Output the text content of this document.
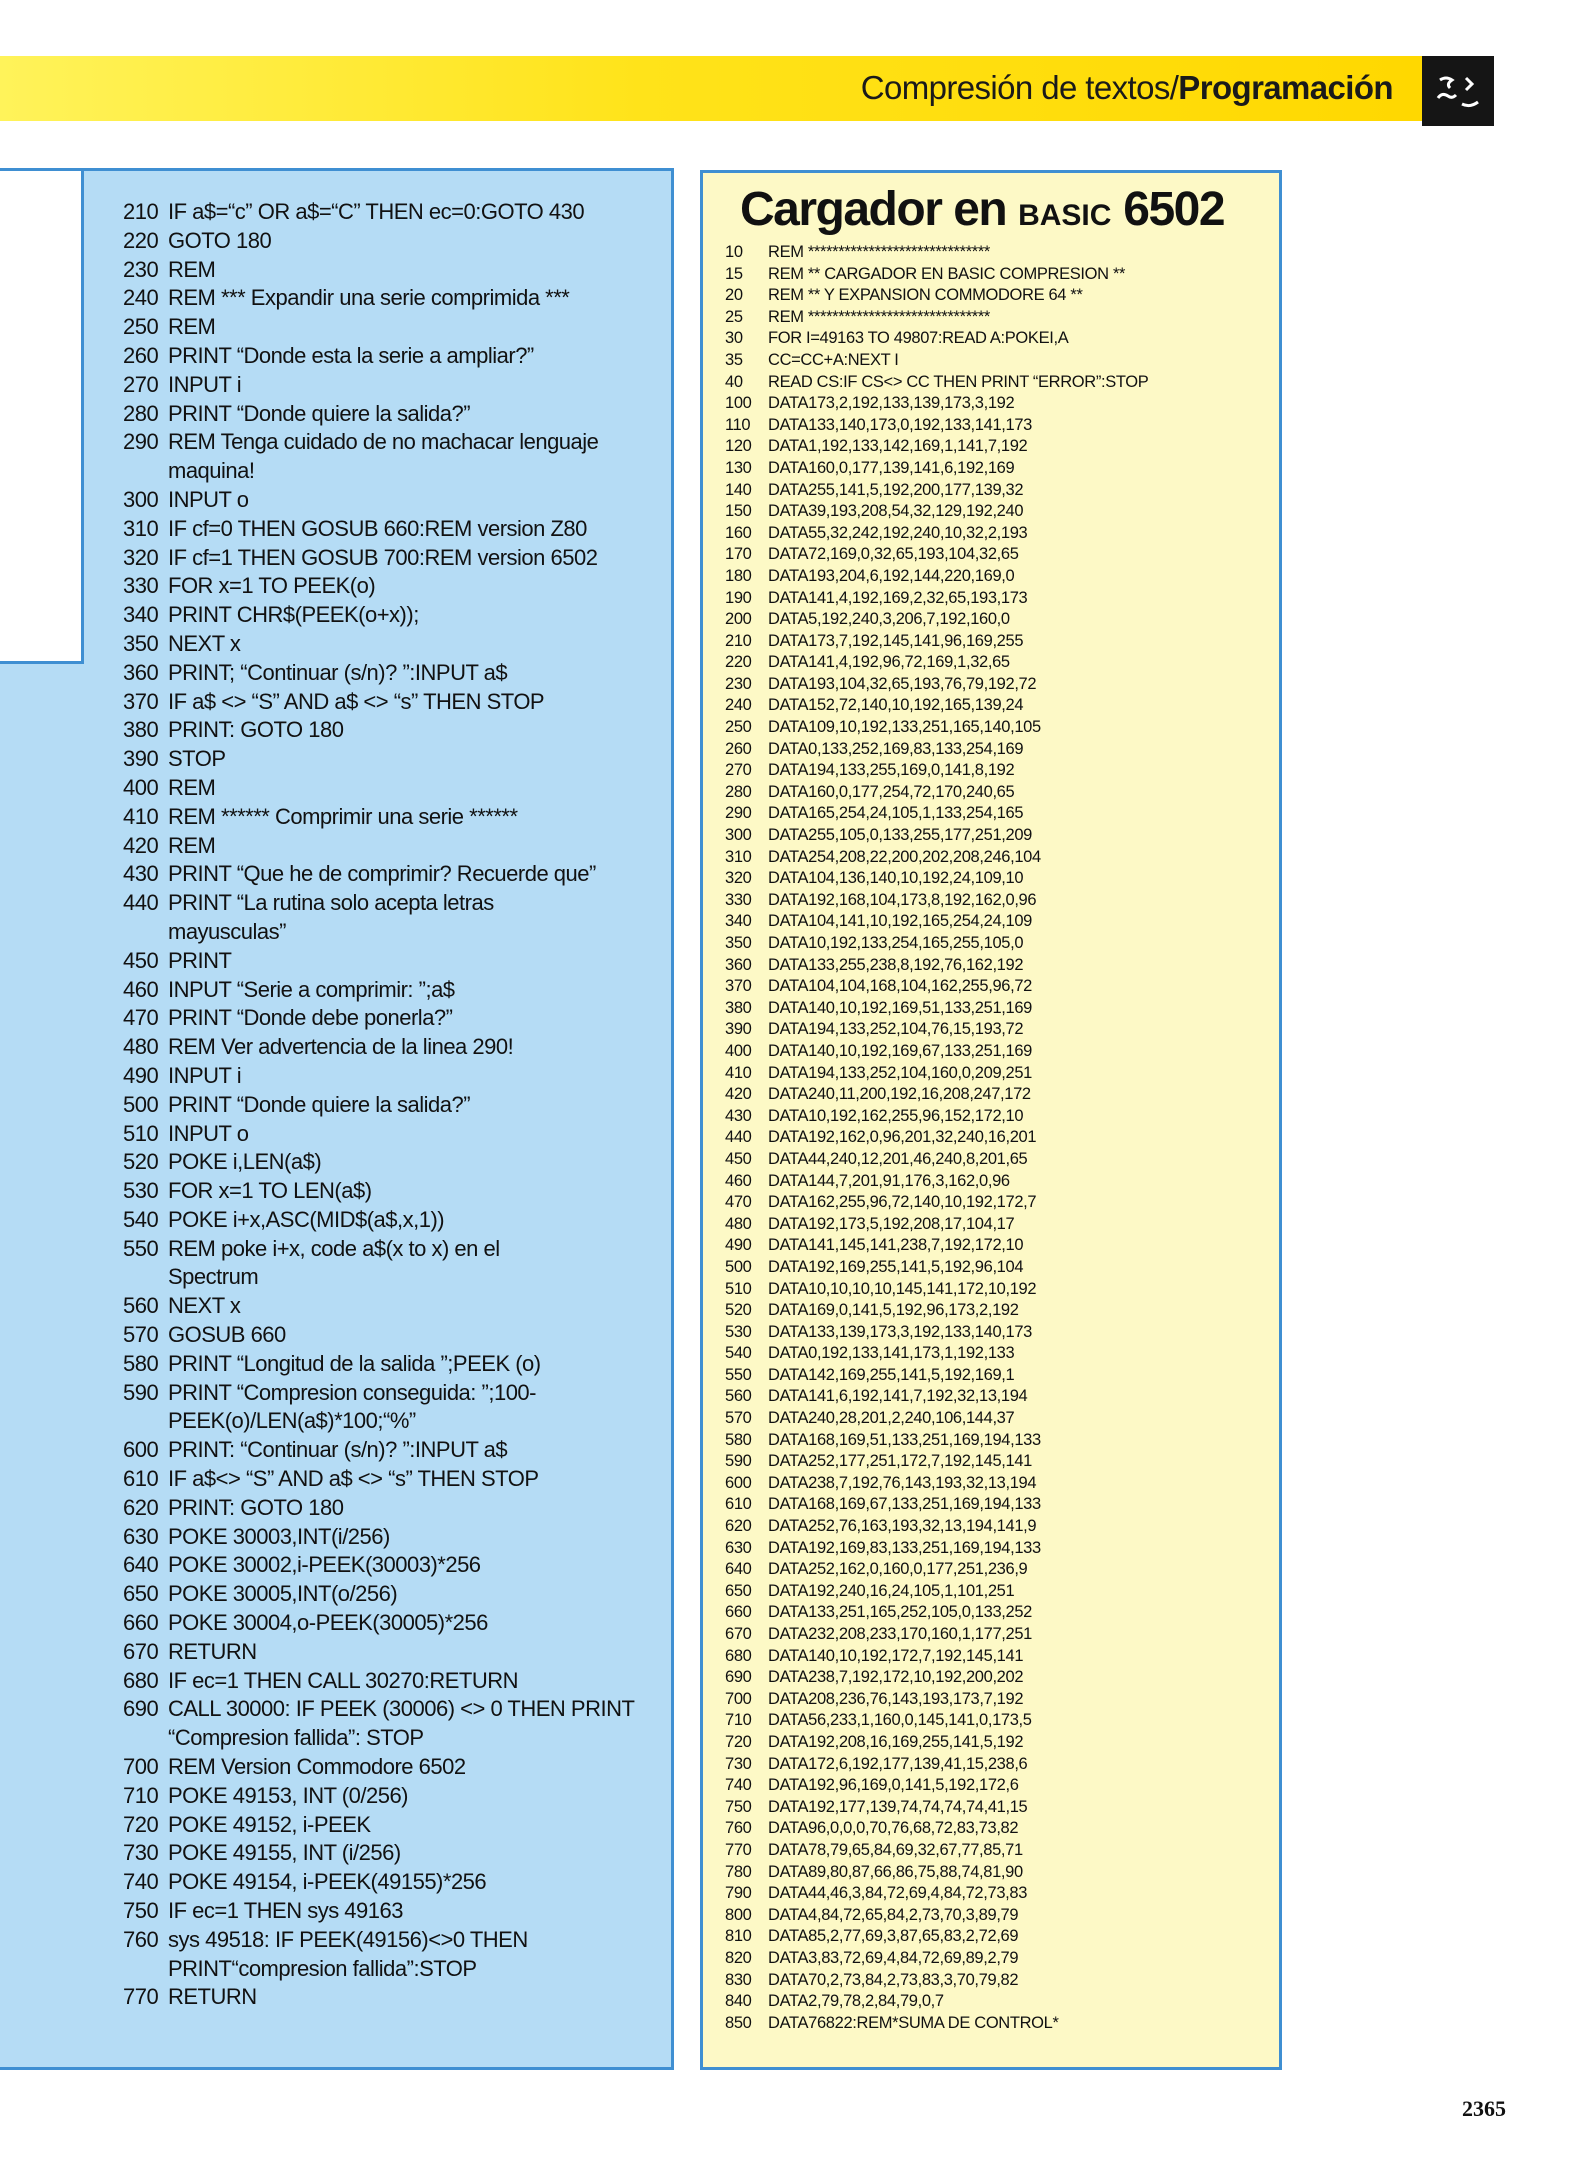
Compresión de textos/Programación
210 IF a$=“c” OR a$=“C” THEN ec=0:GOTO 430
220 GOTO 180
230 REM
240 REM *** Expandir una serie comprimida ***
250 REM
260 PRINT “Donde esta la serie a ampliar?”
270 INPUT i
280 PRINT “Donde quiere la salida?”
290 REM Tenga cuidado de no machacar lenguaje
maquina!
300 INPUT o
310 IF cf=0 THEN GOSUB 660:REM version Z80
320 IF cf=1 THEN GOSUB 700:REM version 6502
330 FOR x=1 TO PEEK(o)
340 PRINT CHR$(PEEK(o+x));
350 NEXT x
360 PRINT; “Continuar (s/n)? ”:INPUT a$
370 IF a$ <> “S” AND a$ <> “s” THEN STOP
380 PRINT: GOTO 180
390 STOP
400 REM
410 REM ****** Comprimir una serie ******
420 REM
430 PRINT “Que he de comprimir? Recuerde que”
440 PRINT “La rutina solo acepta letras
mayusculas”
450 PRINT
460 INPUT “Serie a comprimir: ”;a$
470 PRINT “Donde debe ponerla?”
480 REM Ver advertencia de la linea 290!
490 INPUT i
500 PRINT “Donde quiere la salida?”
510 INPUT o
520 POKE i,LEN(a$)
530 FOR x=1 TO LEN(a$)
540 POKE i+x,ASC(MID$(a$,x,1))
550 REM poke i+x, code a$(x to x) en el
Spectrum
560 NEXT x
570 GOSUB 660
580 PRINT “Longitud de la salida ”;PEEK (o)
590 PRINT “Compresion conseguida: ”;100-
PEEK(o)/LEN(a$)*100;“%”
600 PRINT: “Continuar (s/n)? ”:INPUT a$
610 IF a$<> “S” AND a$ <> “s” THEN STOP
620 PRINT: GOTO 180
630 POKE 30003,INT(i/256)
640 POKE 30002,i-PEEK(30003)*256
650 POKE 30005,INT(o/256)
660 POKE 30004,o-PEEK(30005)*256
670 RETURN
680 IF ec=1 THEN CALL 30270:RETURN
690 CALL 30000: IF PEEK (30006) <> 0 THEN PRINT
“Compresion fallida”: STOP
700 REM Version Commodore 6502
710 POKE 49153, INT (0/256)
720 POKE 49152, i-PEEK
730 POKE 49155, INT (i/256)
740 POKE 49154, i-PEEK(49155)*256
750 IF ec=1 THEN sys 49163
760 sys 49518: IF PEEK(49156)<>0 THEN
PRINT“compresion fallida”:STOP
770 RETURN
Cargador en BASIC 6502
10	REM ******************************
15	REM ** CARGADOR EN BASIC COMPRESION **
20	REM ** Y EXPANSION COMMODORE 64 **
25	REM ******************************
30	FOR I=49163 TO 49807:READ A:POKEI,A
35	CC=CC+A:NEXT I
40	READ CS:IF CS<> CC THEN PRINT “ERROR”:STOP
100	DATA173,2,192,133,139,173,3,192
110	DATA133,140,173,0,192,133,141,173
120	DATA1,192,133,142,169,1,141,7,192
130	DATA160,0,177,139,141,6,192,169
140	DATA255,141,5,192,200,177,139,32
150	DATA39,193,208,54,32,129,192,240
160	DATA55,32,242,192,240,10,32,2,193
170	DATA72,169,0,32,65,193,104,32,65
180	DATA193,204,6,192,144,220,169,0
190	DATA141,4,192,169,2,32,65,193,173
200	DATA5,192,240,3,206,7,192,160,0
210	DATA173,7,192,145,141,96,169,255
220	DATA141,4,192,96,72,169,1,32,65
230	DATA193,104,32,65,193,76,79,192,72
240	DATA152,72,140,10,192,165,139,24
250	DATA109,10,192,133,251,165,140,105
260	DATA0,133,252,169,83,133,254,169
270	DATA194,133,255,169,0,141,8,192
280	DATA160,0,177,254,72,170,240,65
290	DATA165,254,24,105,1,133,254,165
300	DATA255,105,0,133,255,177,251,209
310	DATA254,208,22,200,202,208,246,104
320	DATA104,136,140,10,192,24,109,10
330	DATA192,168,104,173,8,192,162,0,96
340	DATA104,141,10,192,165,254,24,109
350	DATA10,192,133,254,165,255,105,0
360	DATA133,255,238,8,192,76,162,192
370	DATA104,104,168,104,162,255,96,72
380	DATA140,10,192,169,51,133,251,169
390	DATA194,133,252,104,76,15,193,72
400	DATA140,10,192,169,67,133,251,169
410	DATA194,133,252,104,160,0,209,251
420	DATA240,11,200,192,16,208,247,172
430	DATA10,192,162,255,96,152,172,10
440	DATA192,162,0,96,201,32,240,16,201
450	DATA44,240,12,201,46,240,8,201,65
460	DATA144,7,201,91,176,3,162,0,96
470	DATA162,255,96,72,140,10,192,172,7
480	DATA192,173,5,192,208,17,104,17
490	DATA141,145,141,238,7,192,172,10
500	DATA192,169,255,141,5,192,96,104
510	DATA10,10,10,10,145,141,172,10,192
520	DATA169,0,141,5,192,96,173,2,192
530	DATA133,139,173,3,192,133,140,173
540	DATA0,192,133,141,173,1,192,133
550	DATA142,169,255,141,5,192,169,1
560	DATA141,6,192,141,7,192,32,13,194
570	DATA240,28,201,2,240,106,144,37
580	DATA168,169,51,133,251,169,194,133
590	DATA252,177,251,172,7,192,145,141
600	DATA238,7,192,76,143,193,32,13,194
610	DATA168,169,67,133,251,169,194,133
620	DATA252,76,163,193,32,13,194,141,9
630	DATA192,169,83,133,251,169,194,133
640	DATA252,162,0,160,0,177,251,236,9
650	DATA192,240,16,24,105,1,101,251
660	DATA133,251,165,252,105,0,133,252
670	DATA232,208,233,170,160,1,177,251
680	DATA140,10,192,172,7,192,145,141
690	DATA238,7,192,172,10,192,200,202
700	DATA208,236,76,143,193,173,7,192
710	DATA56,233,1,160,0,145,141,0,173,5
720	DATA192,208,16,169,255,141,5,192
730	DATA172,6,192,177,139,41,15,238,6
740	DATA192,96,169,0,141,5,192,172,6
750	DATA192,177,139,74,74,74,74,41,15
760	DATA96,0,0,0,70,76,68,72,83,73,82
770	DATA78,79,65,84,69,32,67,77,85,71
780	DATA89,80,87,66,86,75,88,74,81,90
790	DATA44,46,3,84,72,69,4,84,72,73,83
800	DATA4,84,72,65,84,2,73,70,3,89,79
810	DATA85,2,77,69,3,87,65,83,2,72,69
820	DATA3,83,72,69,4,84,72,69,89,2,79
830	DATA70,2,73,84,2,73,83,3,70,79,82
840	DATA2,79,78,2,84,79,0,7
850	DATA76822:REM*SUMA DE CONTROL*
2365
